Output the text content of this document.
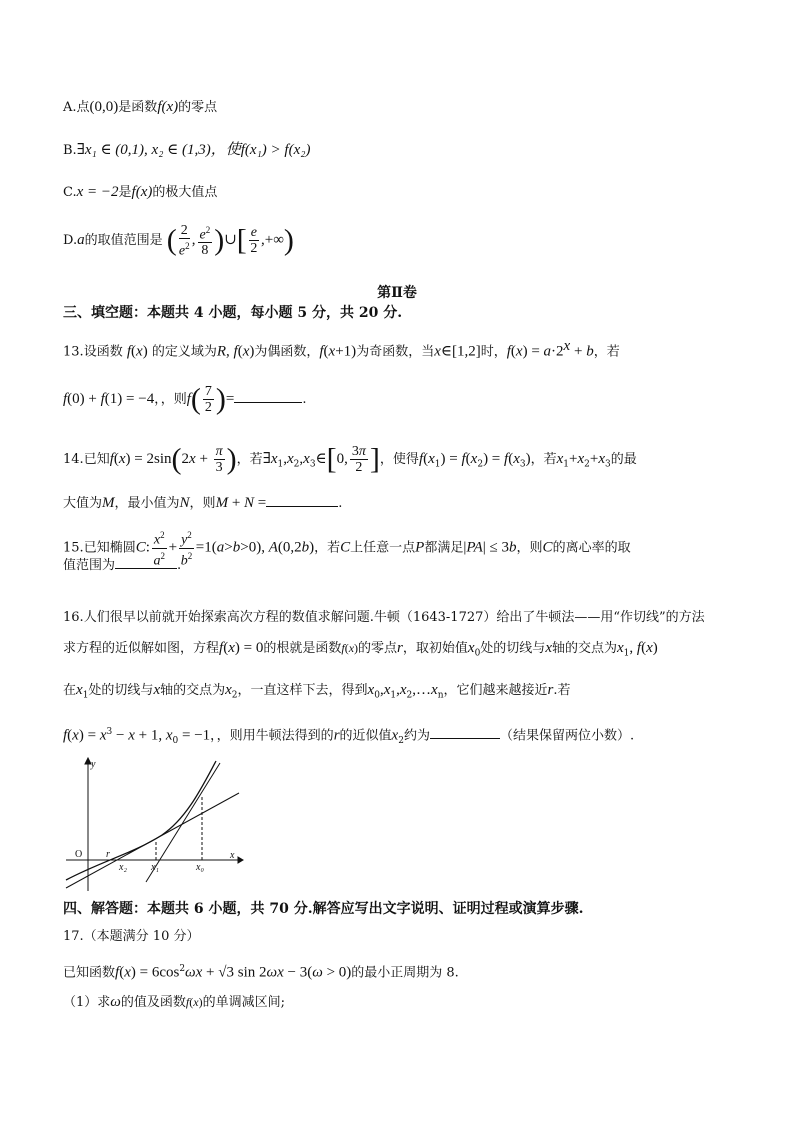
A.点(0,0)是函数f(x)的零点
B.∃x₁ ∈ (0,1), x₂ ∈ (1,3)，使f(x₁) > f(x₂)
C.x = −2是f(x)的极大值点
D.a的取值范围是 ( $\frac{2}{e^2}$ , $\frac{e^2}{8}$ )∪[ $\frac{e}{2}$ ,+∞)
第Ⅱ卷
三、填空题：本题共 4 小题，每小题 5 分，共 20 分.
13.设函数 f(x) 的定义域为R, f(x)为偶函数，f(x+1)为奇函数，当x∈[1,2]时，$f(x) = a\cdot 2^x + b$，若
f(0) + f(1) = −4，，则$f( \frac{7}{2}$ )=	.
14.已知$f(x) = 2\sin(2x + \frac{\pi}{3}$ )，若$\exists x_1,x_2,x_3\in[0$, $\frac{3\pi}{2}$ ]，使得$f(x_1) = f(x_2) = f(x_3)$，若$x_1+x_2+x_3$的最
大值为M，最小值为N，则M + N =	.
15.已知椭圆C: $\frac{x^2}{a^2} + \frac{y^2}{b^2} =1(a>b>0)$, A(0,2b)，若C上任意一点P都满足|PA| ≤ 3b，则C的离心率的取
值范围为	.
16.人们很早以前就开始探索高次方程的数值求解问题.牛顿（1643-1727）给出了牛顿法——用“作切线”的方法
求方程的近似解如图，方程f(x) = 0的根就是函数f(x)的零点r，取初始值$x_0$处的切线与x轴的交点为$x_1$, f(x)
在$x_1$处的切线与x轴的交点为$x_2$，一直这样下去，得到$x_0,x_1,x_2,\dots x_n$，它们越来越接近r.若
$f(x) = x^3 - x + 1$, $x_0 = -1$，，则用牛顿法得到的r的近似值$x_2$约为	（结果保留两位小数）.
y
O r
x₂ x₁	x₀
x
四、解答题：本题共 6 小题，共 70 分.解答应写出文字说明、证明过程或演算步骤.
17.（本题满分 10 分）
已知函数$f(x) = 6\cos^2\omega x + √3$ sin 2ωx − 3(ω > 0)的最小正周期为 8.
（1）求ω的值及函数f(x)的单调减区间;
